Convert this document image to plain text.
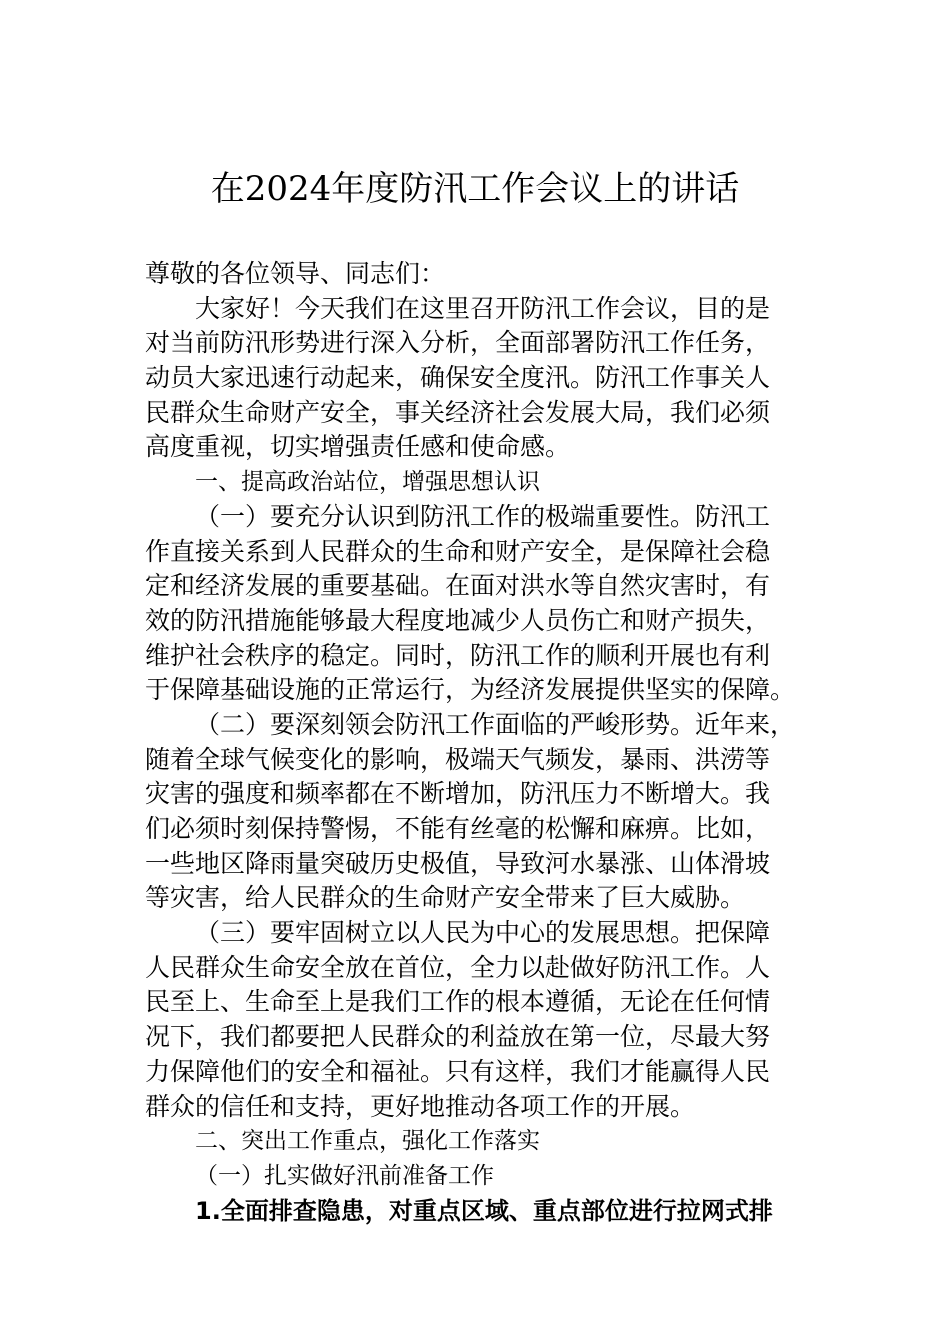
在2024年度防汛工作会议上的讲话
尊敬的各位领导、同志们：
大家好！今天我们在这里召开防汛工作会议，目的是
对当前防汛形势进行深入分析，全面部署防汛工作任务，
动员大家迅速行动起来，确保安全度汛。防汛工作事关人
民群众生命财产安全，事关经济社会发展大局，我们必须
高度重视，切实增强责任感和使命感。
一、提高政治站位，增强思想认识
（一）要充分认识到防汛工作的极端重要性。防汛工
作直接关系到人民群众的生命和财产安全，是保障社会稳
定和经济发展的重要基础。在面对洪水等自然灾害时，有
效的防汛措施能够最大程度地减少人员伤亡和财产损失，
维护社会秩序的稳定。同时，防汛工作的顺利开展也有利
于保障基础设施的正常运行，为经济发展提供坚实的保障。
（二）要深刻领会防汛工作面临的严峻形势。近年来，
随着全球气候变化的影响，极端天气频发，暴雨、洪涝等
灾害的强度和频率都在不断增加，防汛压力不断增大。我
们必须时刻保持警惕，不能有丝毫的松懈和麻痹。比如，
一些地区降雨量突破历史极值，导致河水暴涨、山体滑坡
等灾害，给人民群众的生命财产安全带来了巨大威胁。
（三）要牢固树立以人民为中心的发展思想。把保障
人民群众生命安全放在首位，全力以赴做好防汛工作。人
民至上、生命至上是我们工作的根本遵循，无论在任何情
况下，我们都要把人民群众的利益放在第一位，尽最大努
力保障他们的安全和福祉。只有这样，我们才能赢得人民
群众的信任和支持，更好地推动各项工作的开展。
二、突出工作重点，强化工作落实
（一）扎实做好汛前准备工作
1.全面排查隐患，对重点区域、重点部位进行拉网式排
